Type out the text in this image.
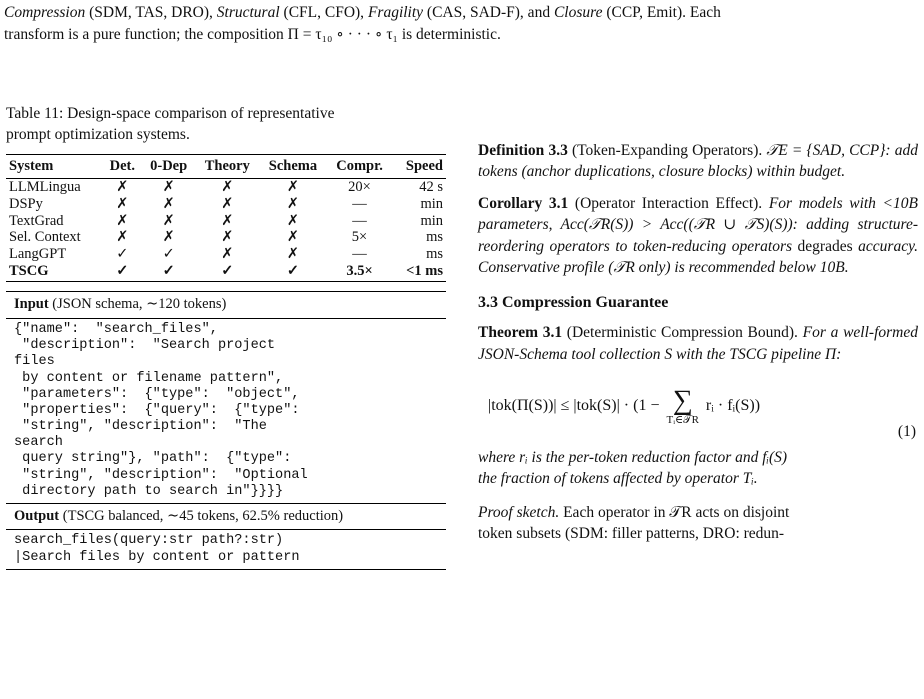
Compression (SDM, TAS, DRO), Structural (CFL, CFO), Fragility (CAS, SAD-F), and Closure (CCP, Emit). Each

transform is a pure function; the composition Π = τ₁₀ ∘ · · · ∘ τ₁ is deterministic.

Table 11: Design-space comparison of representative
prompt optimization systems.
System	Det.	0-Dep	Theory	Schema	Compr.	Speed
LLMLingua	✗	✗	✗	✗	20×	42 s
DSPy	✗	✗	✗	✗	—	min
TextGrad	✗	✗	✗	✗	—	min
Sel. Context	✗	✗	✗	✗	5×	ms
LangGPT	✓	✓	✗	✗	—	ms
TSCG	✓	✓	✓	✓	3.5×	<1 ms
Input (JSON schema, ∼120 tokens)
{"name":  "search_files",
"description":  "Search project
files
by content or filename pattern",
"parameters":  {"type":  "object",
"properties":  {"query":  {"type":
"string", "description":  "The
search
query string"}, "path":  {"type":
"string", "description":  "Optional
directory path to search in"}}}}
Output (TSCG balanced, ∼45 tokens, 62.5% reduction)
search_files(query:str path?:str)
|Search files by content or pattern

Definition 3.3 (Token-Expanding Operators). 𝒯E = {SAD, CCP}: add tokens (anchor duplications, closure blocks) within budget.

Corollary 3.1 (Operator Interaction Effect). For models with <10B parameters, Acc(𝒯R(S)) > Acc((𝒯R ∪ 𝒯S)(S)): adding structure-reordering operators to token-reducing operators degrades accuracy. Conservative profile (𝒯R only) is recommended below 10B.

3.3 Compression Guarantee

Theorem 3.1 (Deterministic Compression Bound). For a well-formed JSON-Schema tool collection S with the TSCG pipeline Π:

|tok(Π(S))| ≤ |tok(S)| · (1 − ∑
Tᵢ∈𝒯R
rᵢ · fᵢ(S))
(1)
where rᵢ is the per-token reduction factor and fᵢ(S)
the fraction of tokens affected by operator Tᵢ.
Proof sketch. Each operator in 𝒯R acts on disjoint
token subsets (SDM: filler patterns, DRO: redun-
